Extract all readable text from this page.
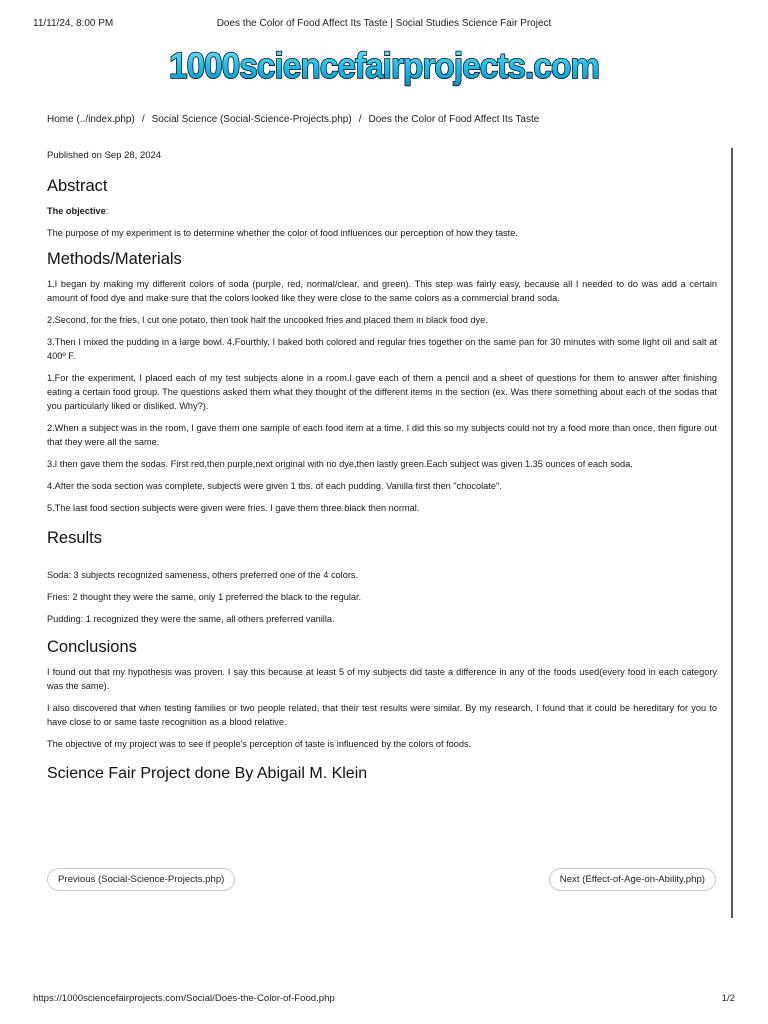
11/11/24, 8:00 PM	Does the Color of Food Affect Its Taste | Social Studies Science Fair Project
1000sciencefairprojects.com
Home (../index.php) / Social Science (Social-Science-Projects.php) / Does the Color of Food Affect Its Taste
Published on Sep 28, 2024
Abstract

The objective:

The purpose of my experiment is to determine whether the color of food influences our perception of how they taste.

Methods/Materials

1.I began by making my different colors of soda (purple, red, normal/clear, and green). This step was fairly easy, because all I needed to do was add a certain amount of food dye and make sure that the colors looked like they were close to the same colors as a commercial brand soda.

2.Second, for the fries, I cut one potato, then took half the uncooked fries and placed them in black food dye.

3.Then I mixed the pudding in a large bowl. 4.Fourthly, I baked both colored and regular fries together on the same pan for 30 minutes with some light oil and salt at 400º F.

1.For the experiment, I placed each of my test subjects alone in a room.I gave each of them a pencil and a sheet of questions for them to answer after finishing eating a certain food group. The questions asked them what they thought of the different items in the section (ex. Was there something about each of the sodas that you particularly liked or disliked. Why?).

2.When a subject was in the room, I gave them one sample of each food item at a time. I did this so my subjects could not try a food more than once, then figure out that they were all the same.

3.I then gave them the sodas. First red,then purple,next original with no dye,then lastly green.Each subject was given 1.35 ounces of each soda.

4.After the soda section was complete, subjects were given 1 tbs. of each pudding. Vanilla first then "chocolate".

5.The last food section subjects were given were fries. I gave them three black then normal.

Results

Soda: 3 subjects recognized sameness, others preferred one of the 4 colors.

Fries: 2 thought they were the same, only 1 preferred the black to the regular.

Pudding: 1 recognized they were the same, all others preferred vanilla.

Conclusions

I found out that my hypothesis was proven. I say this because at least 5 of my subjects did taste a difference in any of the foods used(every food in each category was the same).

I also discovered that when testing families or two people related, that their test results were similar. By my research, I found that it could be hereditary for you to have close to or same taste recognition as a blood relative.

The objective of my project was to see if people's perception of taste is influenced by the colors of foods.

Science Fair Project done By Abigail M. Klein
Previous (Social-Science-Projects.php)	Next (Effect-of-Age-on-Ability.php)
https://1000sciencefairprojects.com/Social/Does-the-Color-of-Food.php	1/2
